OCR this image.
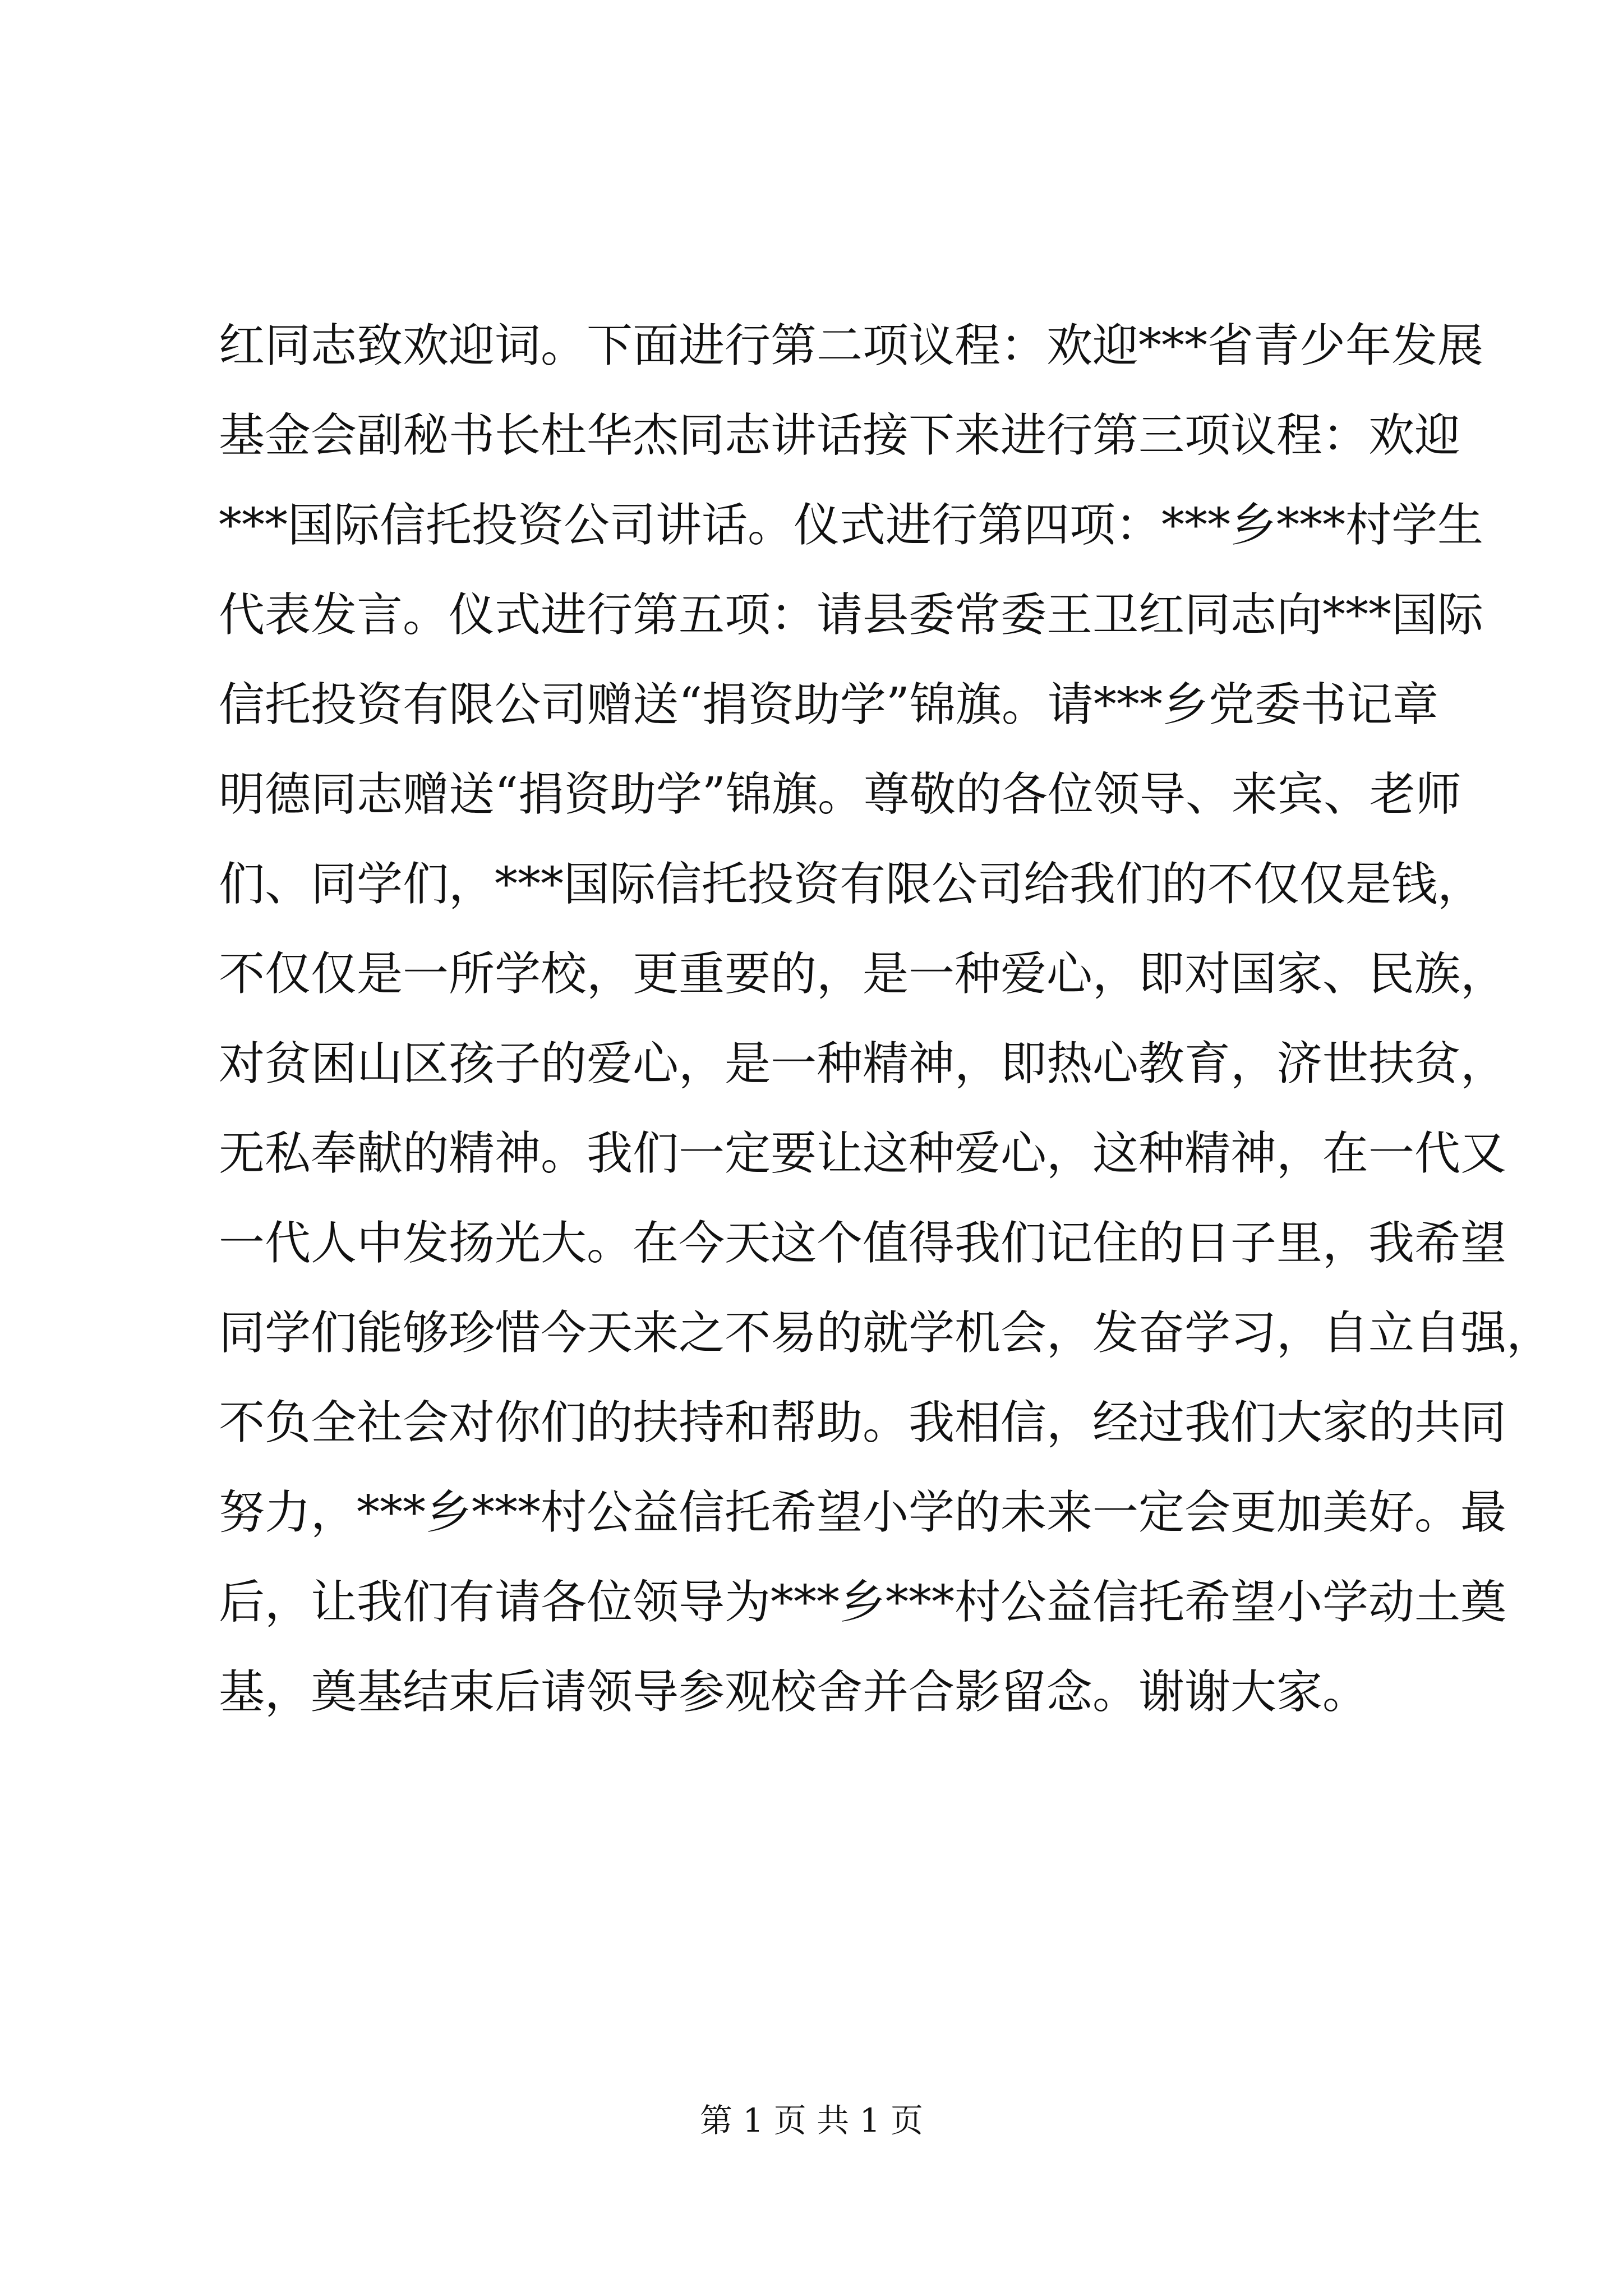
红同志致欢迎词。下面进行第二项议程：欢迎***省青少年发展
基金会副秘书长杜华杰同志讲话接下来进行第三项议程：欢迎
***国际信托投资公司讲话。仪式进行第四项：***乡***村学生
代表发言。仪式进行第五项：请县委常委王卫红同志向***国际
信托投资有限公司赠送“捐资助学”锦旗。请***乡党委书记章
明德同志赠送“捐资助学”锦旗。尊敬的各位领导、来宾、老师
们、同学们，***国际信托投资有限公司给我们的不仅仅是钱，
不仅仅是一所学校，更重要的，是一种爱心，即对国家、民族，
对贫困山区孩子的爱心，是一种精神，即热心教育，济世扶贫，
无私奉献的精神。我们一定要让这种爱心，这种精神，在一代又
一代人中发扬光大。在今天这个值得我们记住的日子里，我希望
同学们能够珍惜今天来之不易的就学机会，发奋学习，自立自强，
不负全社会对你们的扶持和帮助。我相信，经过我们大家的共同
努力，***乡***村公益信托希望小学的未来一定会更加美好。最
后，让我们有请各位领导为***乡***村公益信托希望小学动土奠
基，奠基结束后请领导参观校舍并合影留念。谢谢大家。
第 1 页 共 1 页
